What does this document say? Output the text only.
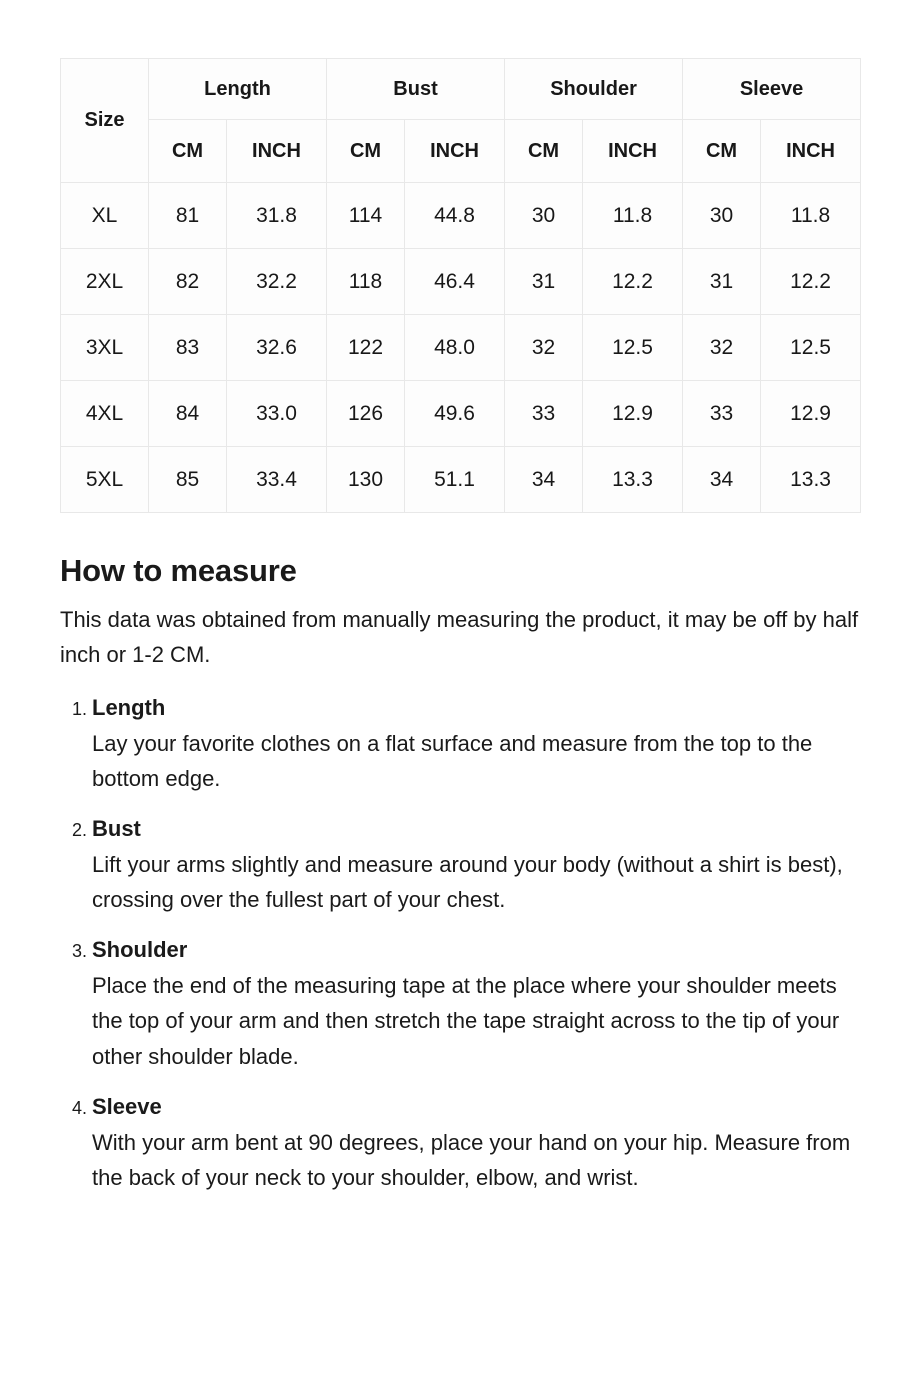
Size	Length		Bust		Shoulder		Sleeve	
	CM	INCH	CM	INCH	CM	INCH	CM	INCH
XL	81	31.8	114	44.8	30	11.8	30	11.8
2XL	82	32.2	118	46.4	31	12.2	31	12.2
3XL	83	32.6	122	48.0	32	12.5	32	12.5
4XL	84	33.0	126	49.6	33	12.9	33	12.9
5XL	85	33.4	130	51.1	34	13.3	34	13.3
How to measure

This data was obtained from manually measuring the product, it may be off by half inch or 1-2 CM.

1. Length
Lay your favorite clothes on a flat surface and measure from the top to the bottom edge.
2. Bust
Lift your arms slightly and measure around your body (without a shirt is best), crossing over the fullest part of your chest.
3. Shoulder
Place the end of the measuring tape at the place where your shoulder meets the top of your arm and then stretch the tape straight across to the tip of your other shoulder blade.
4. Sleeve
With your arm bent at 90 degrees, place your hand on your hip. Measure from the back of your neck to your shoulder, elbow, and wrist.
